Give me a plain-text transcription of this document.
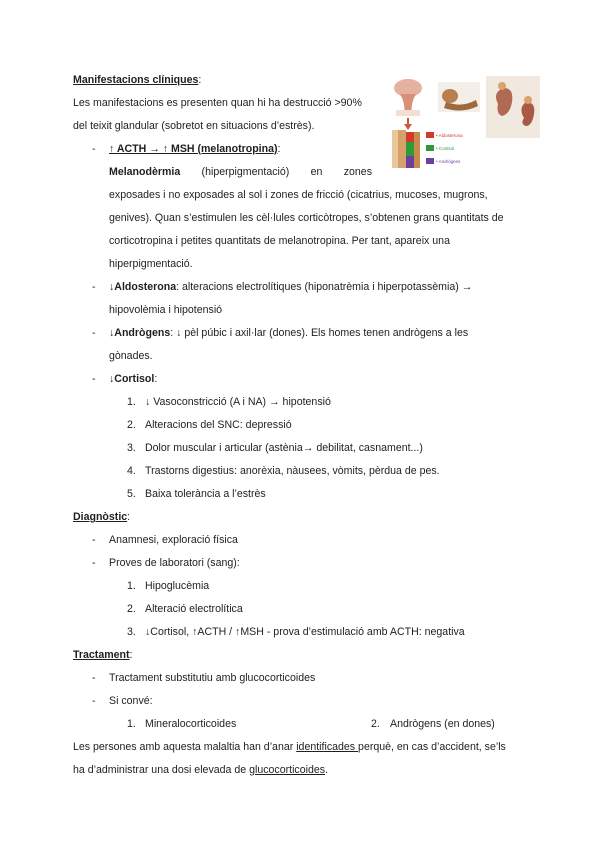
Manifestacions clíniques:
Les manifestacions es presenten quan hi ha destrucció >90%
del teixit glandular (sobretot en situacions d’estrès).
- ↑ ACTH → ↑ MSH (melanotropina):
Melanodèrmia (hiperpigmentació) en zones
exposades i no exposades al sol i zones de fricció (cicatrius, mucoses, mugrons,
genives). Quan s’estimulen les cèl·lules corticòtropes, s’obtenen grans quantitats de
corticotropina i petites quantitats de melanotropina. Per tant, apareix una
hiperpigmentació.
- ↓Aldosterona: alteracions electrolítiques (hiponatrèmia i hiperpotassèmia) →
hipovolèmia i hipotensió
- ↓Andrògens: ↓ pèl púbic i axil·lar (dones). Els homes tenen andrògens a les
gònades.
- ↓Cortisol:
1. ↓ Vasoconstricció (A i NA) → hipotensió
2. Alteracions del SNC: depressió
3. Dolor muscular i articular (astènia→ debilitat, casnament...)
4. Trastorns digestius: anorèxia, nàusees, vòmits, pèrdua de pes.
5. Baixa tolerància a l’estrès
Diagnòstic:
- Anamnesi, exploració física
- Proves de laboratori (sang):
1. Hipoglucèmia
2. Alteració electrolítica
3. ↓Cortisol, ↑ACTH / ↑MSH - prova d’estimulació amb ACTH: negativa
Tractament:
- Tractament substitutiu amb glucocorticoides
- Si convé:
1. Mineralocorticoides	2. Andrògens (en dones)
Les persones amb aquesta malaltia han d’anar identificades perquè, en cas d’accident, se’ls
ha d’administrar una dosi elevada de glucocorticoides.
• Aldosterona
• Cortisol
• Andrògens
